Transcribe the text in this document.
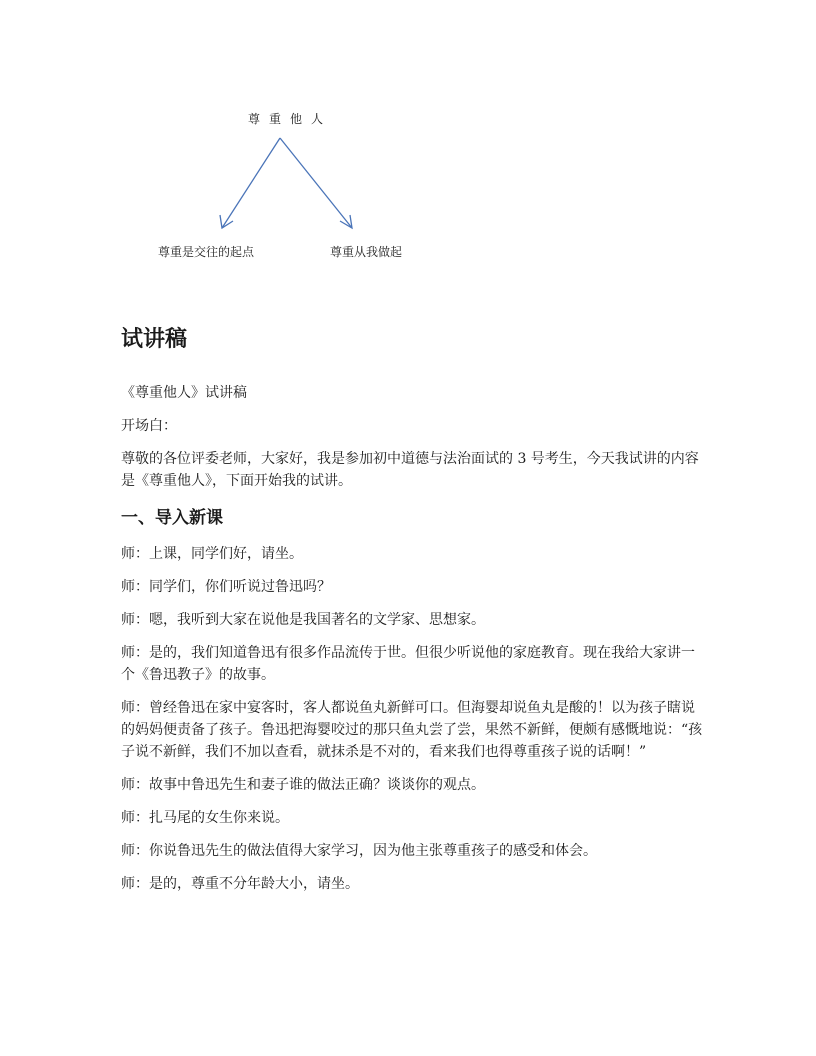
尊重他人
尊重是交往的起点	尊重从我做起
试讲稿

《尊重他人》试讲稿

开场白：

尊敬的各位评委老师，大家好，我是参加初中道德与法治面试的 3 号考生，今天我试讲的内容是《尊重他人》，下面开始我的试讲。

一、导入新课

师：上课，同学们好，请坐。

师：同学们，你们听说过鲁迅吗？

师：嗯，我听到大家在说他是我国著名的文学家、思想家。

师：是的，我们知道鲁迅有很多作品流传于世。但很少听说他的家庭教育。现在我给大家讲一个《鲁迅教子》的故事。

师：曾经鲁迅在家中宴客时，客人都说鱼丸新鲜可口。但海婴却说鱼丸是酸的！以为孩子瞎说的妈妈便责备了孩子。鲁迅把海婴咬过的那只鱼丸尝了尝，果然不新鲜，便颇有感慨地说：“孩子说不新鲜，我们不加以查看，就抹杀是不对的，看来我们也得尊重孩子说的话啊！”

师：故事中鲁迅先生和妻子谁的做法正确？谈谈你的观点。

师：扎马尾的女生你来说。

师：你说鲁迅先生的做法值得大家学习，因为他主张尊重孩子的感受和体会。

师：是的，尊重不分年龄大小，请坐。
